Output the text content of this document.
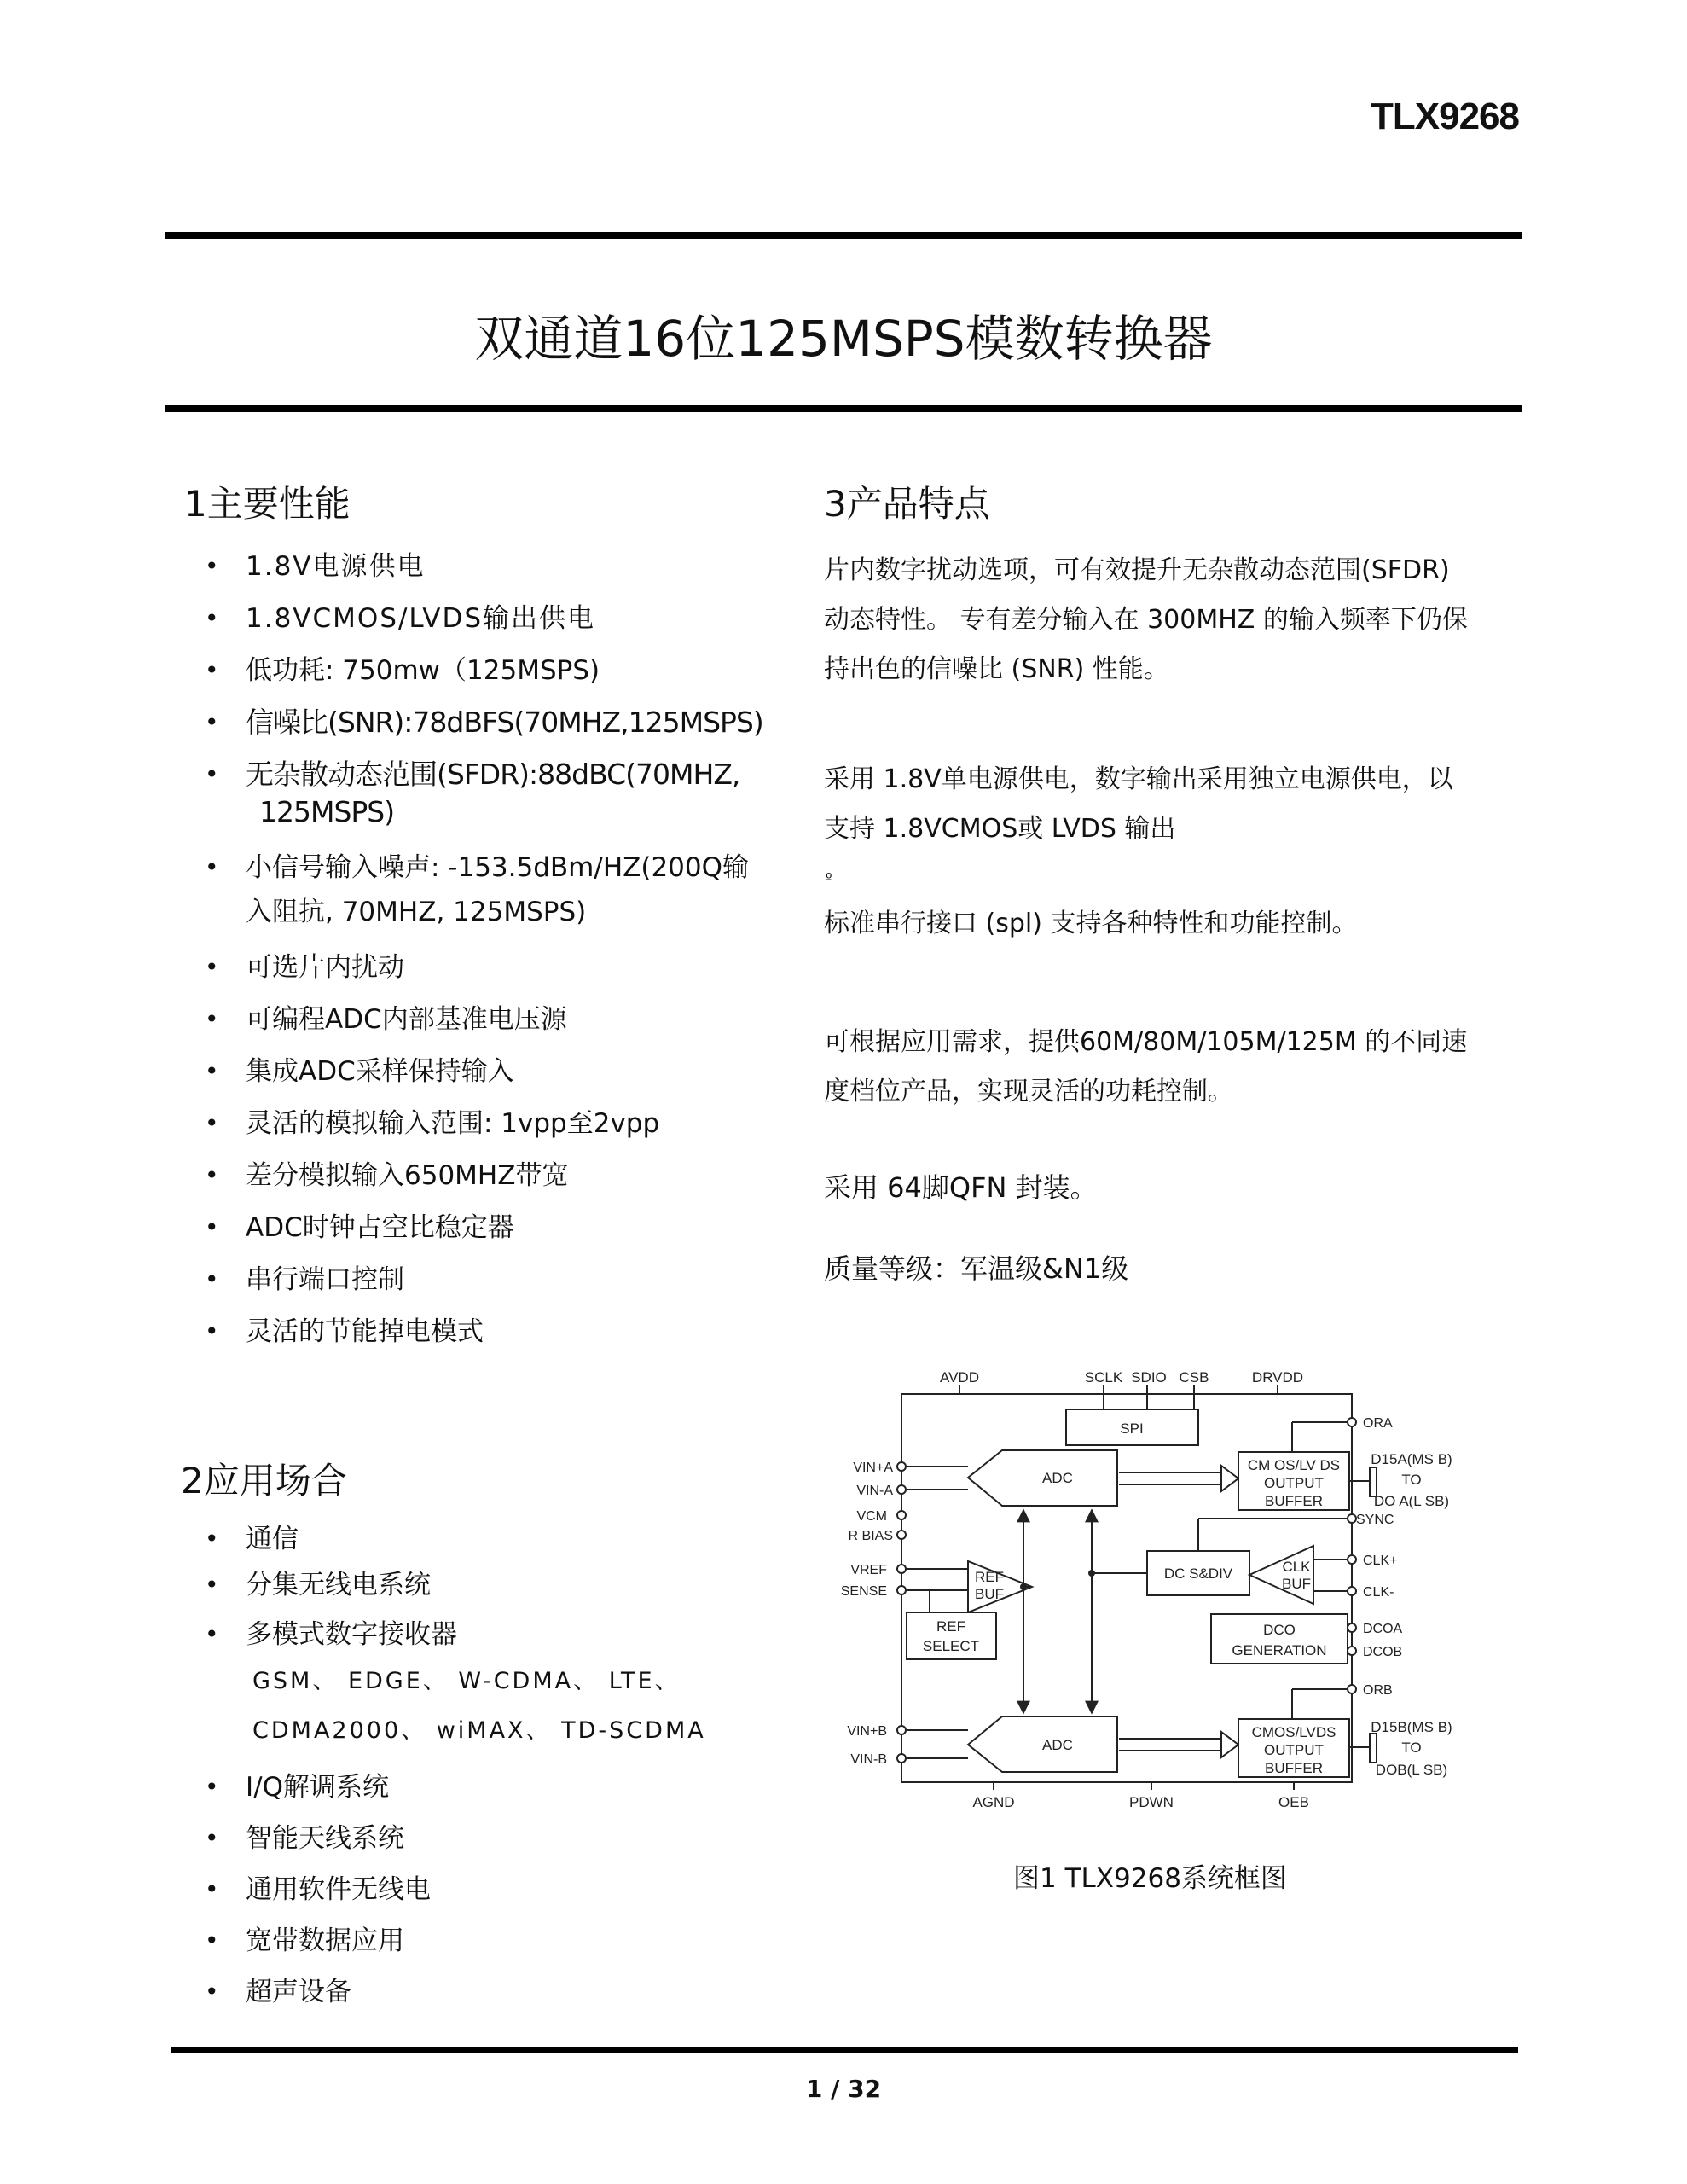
TLX9268
双通道16位125MSPS模数转换器
1主要性能
• 1.8V电源供电
• 1.8VCMOS/LVDS输出供电
• 低功耗: 750mw（125MSPS)
• 信噪比(SNR):78dBFS(70MHZ,125MSPS)
• 无杂散动态范围(SFDR):88dBC(70MHZ,
125MSPS)
• 小信号输入噪声: -153.5dBm/HZ(200Q输
入阻抗, 70MHZ, 125MSPS)
• 可选片内扰动
• 可编程ADC内部基准电压源
• 集成ADC采样保持输入
• 灵活的模拟输入范围: 1vpp至2vpp
• 差分模拟输入650MHZ带宽
• ADC时钟占空比稳定器
• 串行端口控制
• 灵活的节能掉电模式
2应用场合
• 通信
• 分集无线电系统
• 多模式数字接收器
GSM、 EDGE、 W-CDMA、 LTE、
CDMA2000、 wiMAX、 TD-SCDMA
• I/Q解调系统
• 智能天线系统
• 通用软件无线电
• 宽带数据应用
• 超声设备
3产品特点
片内数字扰动选项，可有效提升无杂散动态范围(SFDR)
动态特性。 专有差分输入在 300MHZ 的输入频率下仍保
持出色的信噪比 (SNR) 性能。
采用 1.8V单电源供电，数字输出采用独立电源供电，以
支持 1.8VCMOS或 LVDS 输出
º
标准串行接口 (spl) 支持各种特性和功能控制。
可根据应用需求，提供60M/80M/105M/125M 的不同速
度档位产品，实现灵活的功耗控制。
采用 64脚QFN 封装。
质量等级：军温级&N1级
AVDD	SCLK SDIO CSB	DRVDD
AGND	PDWN	OEB
SPI
VIN+A
VIN-A
VCM
R BIAS
VREF
SENSE
VIN+B
VIN-B
ORA
SYNC
CLK+
CLK-
DCOA
DCOB
ORB
D15A(MS B)
TO
DO A(L SB)
D15B(MS B)
TO
DOB(L SB)
ADC
ADC
CM OS/LV DS
OUTPUT
BUFFER
CMOS/LVDS
OUTPUT
BUFFER
DC S&DIV	CLK
BUF
DCO
GENERATION
REF
BUF
REF
SELECT
图1 TLX9268系统框图
1 / 32
